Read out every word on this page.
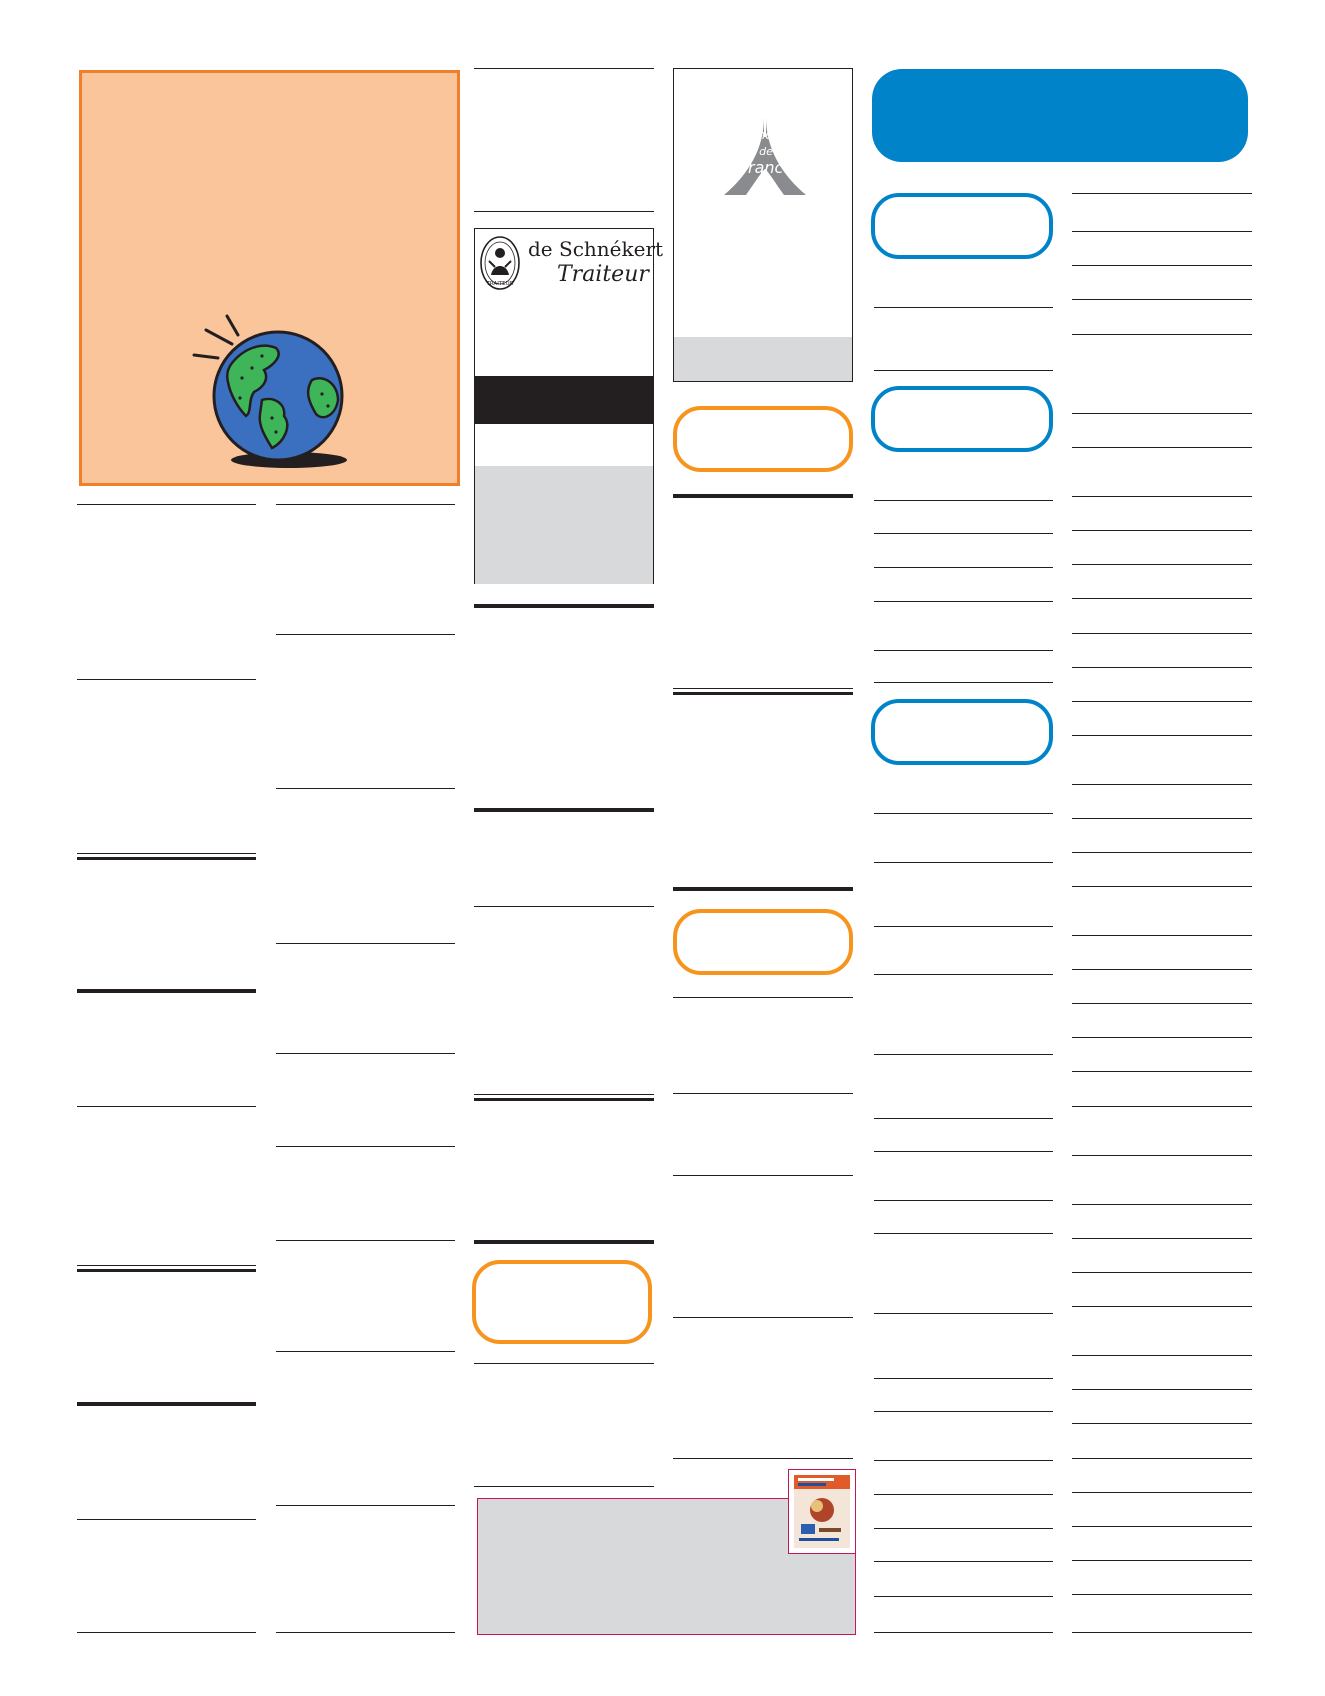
TRAITEUR
de Schnékert
Traiteur
Chefs
de
France
